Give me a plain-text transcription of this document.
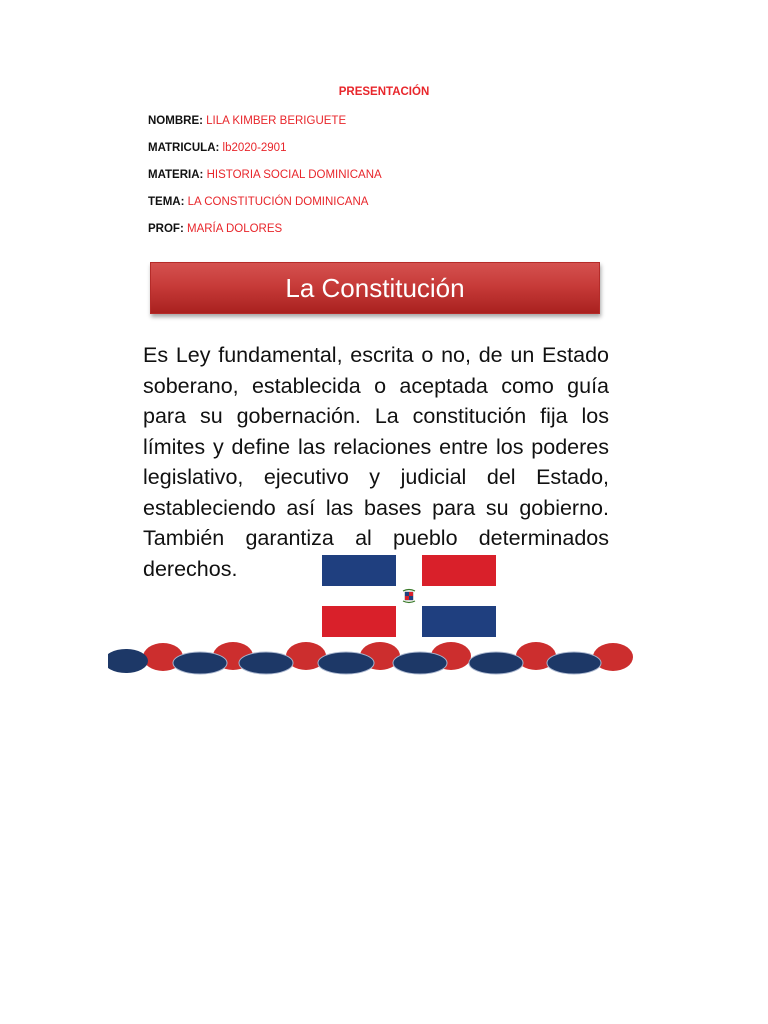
PRESENTACIÓN
NOMBRE: LILA KIMBER BERIGUETE
MATRICULA: lb2020-2901
MATERIA: HISTORIA SOCIAL DOMINICANA
TEMA: LA CONSTITUCIÓN DOMINICANA
PROF: MARÍA DOLORES
La Constitución
Es Ley fundamental, escrita o no, de un Estado soberano, establecida o aceptada como guía para su gobernación. La constitución fija los límites y define las relaciones entre los poderes legislativo, ejecutivo y judicial del Estado, estableciendo así las bases para su gobierno. También garantiza al pueblo determinados derechos.
